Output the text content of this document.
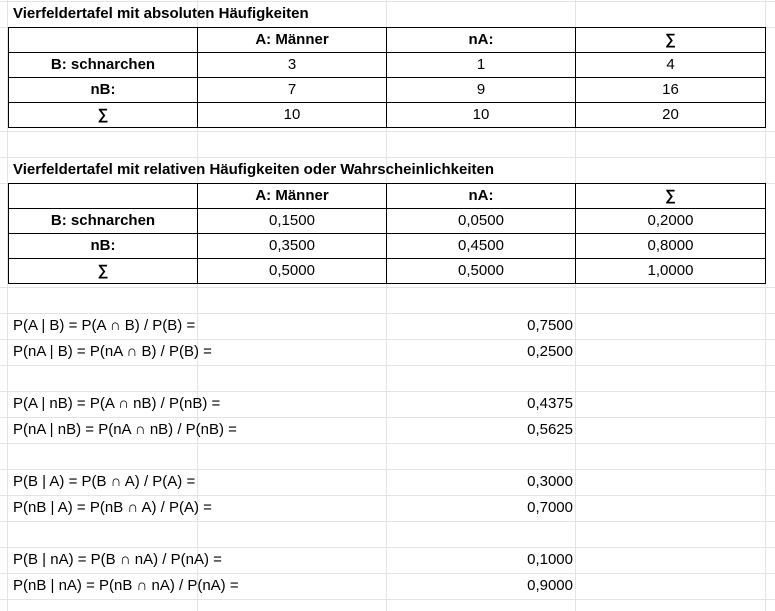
Vierfeldertafel mit absoluten Häufigkeiten
	A: Männer	nA:	∑
B: schnarchen	3	1	4
nB:	7	9	16
∑	10	10	20
Vierfeldertafel mit relativen Häufigkeiten oder Wahrscheinlichkeiten
	A: Männer	nA:	∑
B: schnarchen	0,1500	0,0500	0,2000
nB:	0,3500	0,4500	0,8000
∑	0,5000	0,5000	1,0000
P(A | B) = P(A ∩ B) / P(B) =	0,7500
P(nA | B) = P(nA ∩ B) / P(B) =	0,2500
P(A | nB) = P(A ∩ nB) / P(nB) =	0,4375
P(nA | nB) = P(nA ∩ nB) / P(nB) =	0,5625
P(B | A) = P(B ∩ A) / P(A) =	0,3000
P(nB | A) = P(nB ∩ A) / P(A) =	0,7000
P(B | nA) = P(B ∩ nA) / P(nA) =	0,1000
P(nB | nA) = P(nB ∩ nA) / P(nA) =	0,9000
